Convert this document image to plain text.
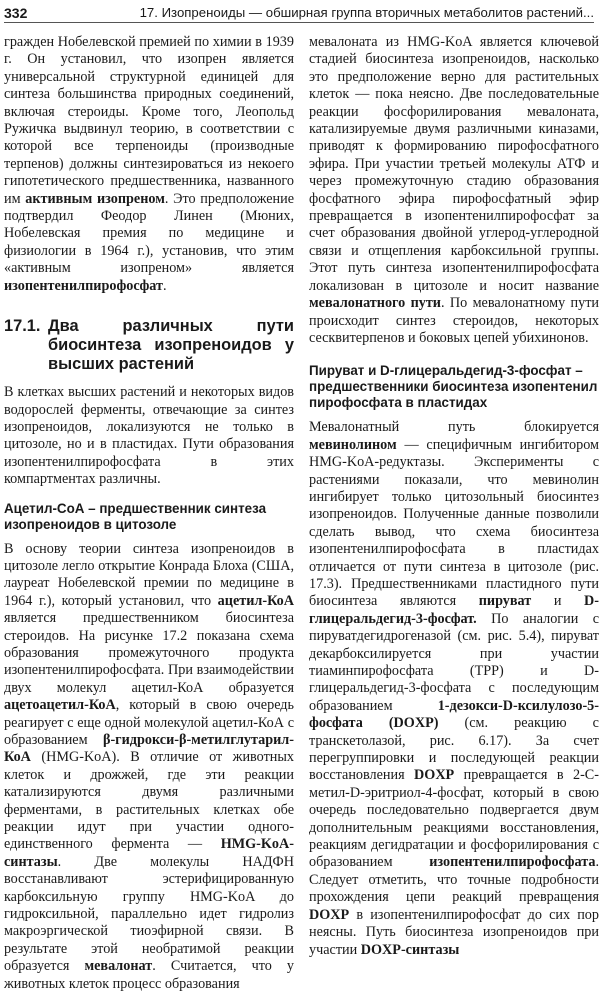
332	17. Изопреноиды — обширная группа вторичных метаболитов растений...

гражден Нобелевской премией по химии в 1939 г. Он установил, что изопрен является универсальной структурной единицей для синтеза большинства природных соединений, включая стероиды. Кроме того, Леопольд Ружичка выдвинул теорию, в соответствии с которой все терпеноиды (производные терпенов) должны синтезироваться из некоего гипотетического предшественника, названного им активным изопреном. Это предположение подтвердил Феодор Линен (Мюних, Нобелевская премия по медицине и физиологии в 1964 г.), установив, что этим «активным изопреном» является изопентенилпирофосфат.

17.1. Два различных пути биосинтеза изопреноидов у высших растений

В клетках высших растений и некоторых видов водорослей ферменты, отвечающие за синтез изопреноидов, локализуются не только в цитозоле, но и в пластидах. Пути образования изопентенилпирофосфата в этих компартментах различны.

Ацетил-СоА – предшественник синтеза изопреноидов в цитозоле

В основу теории синтеза изопреноидов в цитозоле легло открытие Конрада Блоха (США, лауреат Нобелевской премии по медицине в 1964 г.), который установил, что ацетил-КоА является предшественником биосинтеза стероидов. На рисунке 17.2 показана схема образования промежуточного продукта изопентенилпирофосфата. При взаимодействии двух молекул ацетил-КоА образуется ацетоацетил-КоА, который в свою очередь реагирует с еще одной молекулой ацетил-КоА с образованием β-гидрокси-β-метилглутарил-КоА (HMG-KoA). В отличие от животных клеток и дрожжей, где эти реакции катализируются двумя различными ферментами, в растительных клетках обе реакции идут при участии одного-единственного фермента — HMG-KoA-синтазы. Две молекулы НАДФН восстанавливают эстерифицированную карбоксильную группу HMG-KoA до гидроксильной, параллельно идет гидролиз макроэргической тиоэфирной связи. В результате этой необратимой реакции образуется мевалонат. Считается, что у животных клеток процесс образования

мевалоната из HMG-KoA является ключевой стадией биосинтеза изопреноидов, насколько это предположение верно для растительных клеток — пока неясно. Две последовательные реакции фосфорилирования мевалоната, катализируемые двумя различными киназами, приводят к формированию пирофосфатного эфира. При участии третьей молекулы АТФ и через промежуточную стадию образования фосфатного эфира пирофосфатный эфир превращается в изопентенилпирофосфат за счет образования двойной углерод-углеродной связи и отщепления карбоксильной группы. Этот путь синтеза изопентенилпирофосфата локализован в цитозоле и носит название мевалонатного пути. По мевалонатному пути происходит синтез стероидов, некоторых сесквитерпенов и боковых цепей убихинонов.

Пируват и D-глицеральдегид-3-фосфат – предшественники биосинтеза изопентенил пирофосфата в пластидах

Мевалонатный путь блокируется мевинолином — специфичным ингибитором HMG-KoA-редуктазы. Эксперименты с растениями показали, что мевинолин ингибирует только цитозольный биосинтез изопреноидов. Полученные данные позволили сделать вывод, что схема биосинтеза изопентенилпирофосфата в пластидах отличается от пути синтеза в цитозоле (рис. 17.3). Предшественниками пластидного пути биосинтеза являются пируват и D-глицеральдегид-3-фосфат. По аналогии с пируватдегидрогеназой (см. рис. 5.4), пируват декарбоксилируется при участии тиаминпирофосфата (TPP) и D-глицеральдегид-3-фосфата с последующим образованием 1-дезокси-D-ксилулозо-5-фосфата (DOXP) (см. реакцию с транскетолазой, рис. 6.17). За счет перегруппировки и последующей реакции восстановления DOXP превращается в 2-С-метил-D-эритриол-4-фосфат, который в свою очередь последовательно подвергается двум дополнительным реакциями восстановления, реакциям дегидратации и фосфорилирования с образованием изопентенилпирофосфата. Следует отметить, что точные подробности прохождения цепи реакций превращения DOXP в изопентенилпирофосфат до сих пор неясны. Путь биосинтеза изопреноидов при участии DOXP-синтазы
